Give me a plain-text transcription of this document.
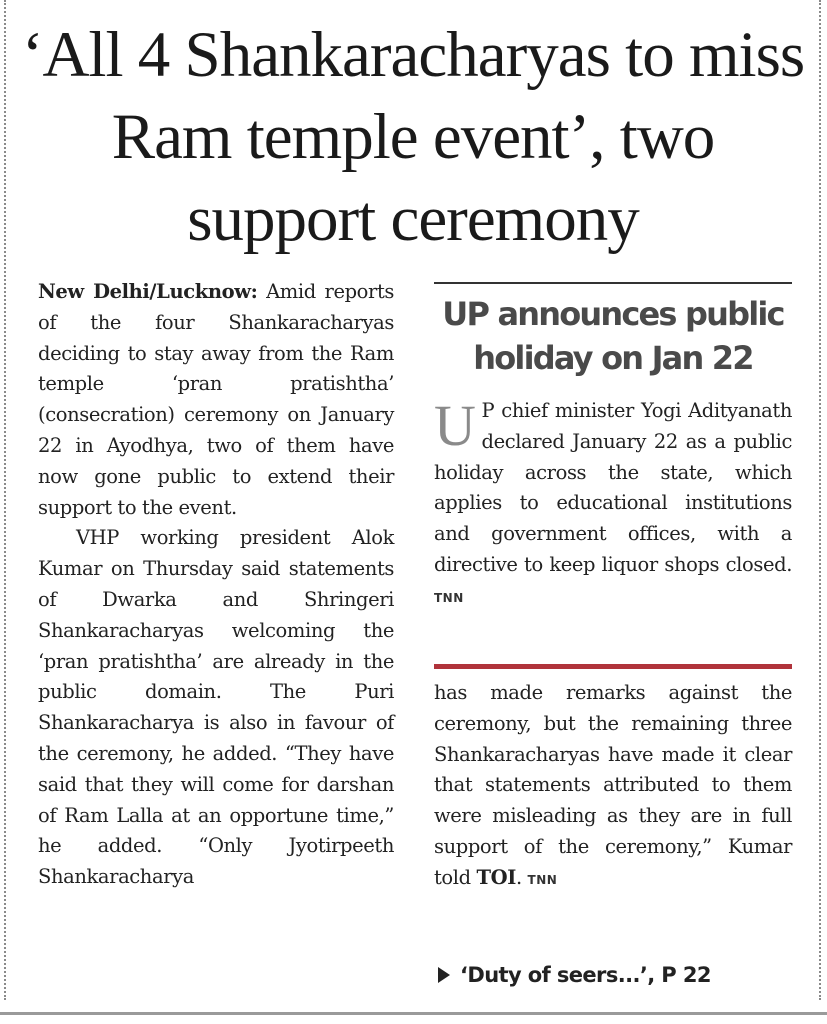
‘All 4 Shankaracharyas to miss Ram temple event’, two support ceremony

New Delhi/Lucknow: Amid reports of the four Shankaracharyas deciding to stay away from the Ram temple ‘pran pratishtha’ (consecration) ceremony on January 22 in Ayodhya, two of them have now gone public to extend their support to the event.

VHP working president Alok Kumar on Thursday said statements of Dwarka and Shringeri Shankaracharyas welcoming the ‘pran pratishtha’ are already in the public domain. The Puri Shankaracharya is also in favour of the ceremony, he added. “They have said that they will come for darshan of Ram Lalla at an opportune time,” he added. “Only Jyotirpeeth Shankaracharya

UP announces public holiday on Jan 22

U P chief minister Yogi Adityanath declared January 22 as a public holiday across the state, which applies to educational institutions and government offices, with a directive to keep liquor shops closed. TNN

has made remarks against the ceremony, but the remaining three Shankaracharyas have made it clear that statements attributed to them were misleading as they are in full support of the ceremony,” Kumar told TOI. TNN

‘Duty of seers...’, P 22
